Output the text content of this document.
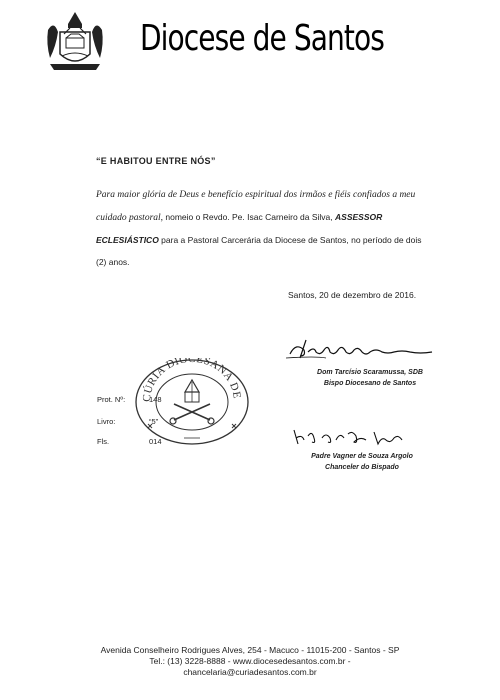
Pisco de Santos
Diocese de Santos
“E HABITOU ENTRE NÓS”
Para maior glória de Deus e benefício espiritual dos irmãos e fiéis confiados a meu cuidado pastoral, nomeio o Revdo. Pe. Isac Carneiro da Silva, ASSESSOR ECLESIÁSTICO para a Pastoral Carcerária da Diocese de Santos, no período de dois (2) anos.
Santos, 20 de dezembro de 2016.
Dom Tarcísio Scaramussa, SDB
Bispo Diocesano de Santos
CÚRIA DIOCESANA DE
Prot. Nº:	148
Livro:	“5”
Fls.	014
Padre Vagner de Souza Argolo
Chanceler do Bispado
Avenida Conselheiro Rodrigues Alves, 254 - Macuco - 11015-200 - Santos - SP
Tel.: (13) 3228-8888 - www.diocesedesantos.com.br -
chancelaria@curiadesantos.com.br
